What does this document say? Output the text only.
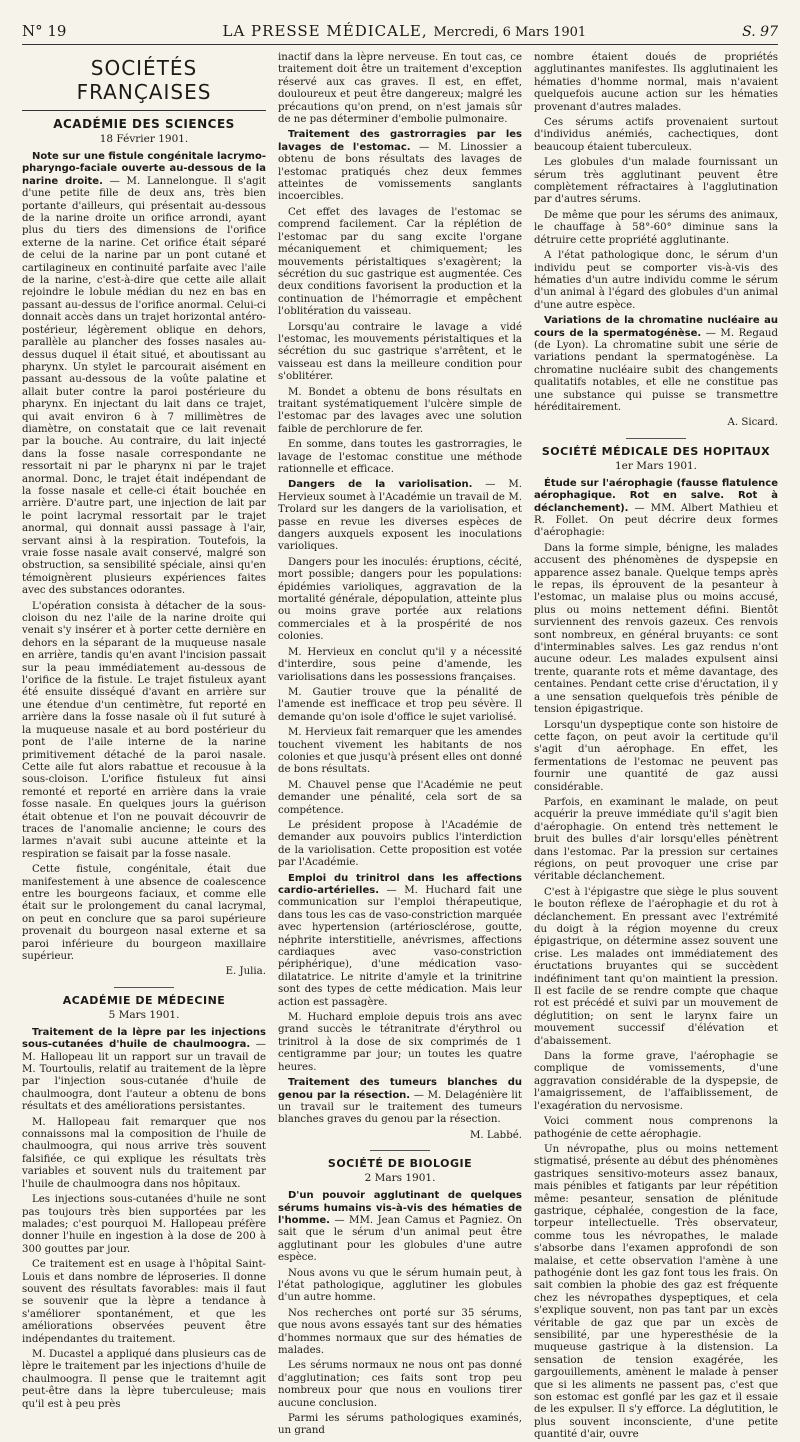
N° 19	LA PRESSE MÉDICALE, Mercredi, 6 Mars 1901	S. 97
SOCIÉTÉS FRANÇAISES
ACADÉMIE DES SCIENCES
18 Février 1901.

Note sur une fistule congénitale lacrymo-pharyngo-faciale ouverte au-dessous de la narine droite. — M. Lannelongue. Il s'agit d'une petite fille de deux ans, très bien portante d'ailleurs, qui présentait au-dessous de la narine droite un orifice arrondi, ayant plus du tiers des dimensions de l'orifice externe de la narine. Cet orifice était séparé de celui de la narine par un pont cutané et cartilagineux en continuité parfaite avec l'aile de la narine, c'est-à-dire que cette aile allait rejoindre le lobule médian du nez en bas en passant au-dessus de l'orifice anormal. Celui-ci donnait accès dans un trajet horizontal antéro-postérieur, légèrement oblique en dehors, parallèle au plancher des fosses nasales au-dessus duquel il était situé, et aboutissant au pharynx. Un stylet le parcourait aisément en passant au-dessous de la voûte palatine et allait buter contre la paroi postérieure du pharynx. En injectant du lait dans ce trajet, qui avait environ 6 à 7 millimètres de diamètre, on constatait que ce lait revenait par la bouche. Au contraire, du lait injecté dans la fosse nasale correspondante ne ressortait ni par le pharynx ni par le trajet anormal. Donc, le trajet était indépendant de la fosse nasale et celle-ci était bouchée en arrière. D'autre part, une injection de lait par le point lacrymal ressortait par le trajet anormal, qui donnait aussi passage à l'air, servant ainsi à la respiration. Toutefois, la vraie fosse nasale avait conservé, malgré son obstruction, sa sensibilité spéciale, ainsi qu'en témoignèrent plusieurs expériences faites avec des substances odorantes.

L'opération consista à détacher de la sous-cloison du nez l'aile de la narine droite qui venait s'y insérer et à porter cette dernière en dehors en la séparant de la muqueuse nasale en arrière, tandis qu'en avant l'incision passait sur la peau immédiatement au-dessous de l'orifice de la fistule. Le trajet fistuleux ayant été ensuite disséqué d'avant en arrière sur une étendue d'un centimètre, fut reporté en arrière dans la fosse nasale où il fut suturé à la muqueuse nasale et au bord postérieur du pont de l'aile interne de la narine primitivement détaché de la paroi nasale. Cette aile fut alors rabattue et recousue à la sous-cloison. L'orifice fistuleux fut ainsi remonté et reporté en arrière dans la vraie fosse nasale. En quelques jours la guérison était obtenue et l'on ne pouvait découvrir de traces de l'anomalie ancienne; le cours des larmes n'avait subi aucune atteinte et la respiration se faisait par la fosse nasale.

Cette fistule, congénitale, était due manifestement à une absence de coalescence entre les bourgeons faciaux, et comme elle était sur le prolongement du canal lacrymal, on peut en conclure que sa paroi supérieure provenait du bourgeon nasal externe et sa paroi inférieure du bourgeon maxillaire supérieur.

E. Julia.

ACADÉMIE DE MÉDECINE
5 Mars 1901.

Traitement de la lèpre par les injections sous-cutanées d'huile de chaulmoogra. — M. Hallopeau lit un rapport sur un travail de M. Tourtoulis, relatif au traitement de la lèpre par l'injection sous-cutanée d'huile de chaulmoogra, dont l'auteur a obtenu de bons résultats et des améliorations persistantes.

M. Hallopeau fait remarquer que nos connaissons mal la composition de l'huile de chaulmoogra, qui nous arrive très souvent falsifiée, ce qui explique les résultats très variables et souvent nuls du traitement par l'huile de chaulmoogra dans nos hôpitaux.

Les injections sous-cutanées d'huile ne sont pas toujours très bien supportées par les malades; c'est pourquoi M. Hallopeau préfère donner l'huile en ingestion à la dose de 200 à 300 gouttes par jour.

Ce traitement est en usage à l'hôpital Saint-Louis et dans nombre de léproseries. Il donne souvent des résultats favorables: mais il faut se souvenir que la lèpre a tendance à s'améliorer spontanément, et que les améliorations observées peuvent être indépendantes du traitement.

M. Ducastel a appliqué dans plusieurs cas de lèpre le traitement par les injections d'huile de chaulmoogra. Il pense que le traitemnt agit peut-être dans la lèpre tuberculeuse; mais qu'il est à peu près

inactif dans la lèpre nerveuse. En tout cas, ce traitement doit être un traitement d'exception réservé aux cas graves. Il est, en effet, douloureux et peut être dangereux; malgré les précautions qu'on prend, on n'est jamais sûr de ne pas déterminer d'embolie pulmonaire.

Traitement des gastrorragies par les lavages de l'estomac. — M. Linossier a obtenu de bons résultats des lavages de l'estomac pratiqués chez deux femmes atteintes de vomissements sanglants incoercibles.

Cet effet des lavages de l'estomac se comprend facilement. Car la réplétion de l'estomac par du sang excite l'organe mécaniquement et chimiquement; les mouvements péristaltiques s'exagèrent; la sécrétion du suc gastrique est augmentée. Ces deux conditions favorisent la production et la continuation de l'hémorragie et empêchent l'oblitération du vaisseau.

Lorsqu'au contraire le lavage a vidé l'estomac, les mouvements péristaltiques et la sécrétion du suc gastrique s'arrêtent, et le vaisseau est dans la meilleure condition pour s'oblitérer.

M. Bondet a obtenu de bons résultats en traitant systématiquement l'ulcère simple de l'estomac par des lavages avec une solution faible de perchlorure de fer.

En somme, dans toutes les gastrorragies, le lavage de l'estomac constitue une méthode rationnelle et efficace.

Dangers de la variolisation. — M. Hervieux soumet à l'Académie un travail de M. Trolard sur les dangers de la variolisation, et passe en revue les diverses espèces de dangers auxquels exposent les inoculations varioliques.

Dangers pour les inoculés: éruptions, cécité, mort possible; dangers pour les populations: épidémies varioliques, aggravation de la mortalité générale, dépopulation, atteinte plus ou moins grave portée aux relations commerciales et à la prospérité de nos colonies.

M. Hervieux en conclut qu'il y a nécessité d'interdire, sous peine d'amende, les variolisations dans les possessions françaises.

M. Gautier trouve que la pénalité de l'amende est inefficace et trop peu sévère. Il demande qu'on isole d'office le sujet variolisé.

M. Hervieux fait remarquer que les amendes touchent vivement les habitants de nos colonies et que jusqu'à présent elles ont donné de bons résultats.

M. Chauvel pense que l'Académie ne peut demander une pénalité, cela sort de sa compétence.

Le président propose à l'Académie de demander aux pouvoirs publics l'interdiction de la variolisation. Cette proposition est votée par l'Académie.

Emploi du trinitrol dans les affections cardio-artérielles. — M. Huchard fait une communication sur l'emploi thérapeutique, dans tous les cas de vaso-constriction marquée avec hypertension (artériosclérose, goutte, néphrite interstitielle, anévrismes, affections cardiaques avec vaso-constriction périphérique), d'une médication vaso-dilatatrice. Le nitrite d'amyle et la trinitrine sont des types de cette médication. Mais leur action est passagère.

M. Huchard emploie depuis trois ans avec grand succès le tétranitrate d'érythrol ou trinitrol à la dose de six comprimés de 1 centigramme par jour; un toutes les quatre heures.

Traitement des tumeurs blanches du genou par la résection. — M. Delagénière lit un travail sur le traitement des tumeurs blanches graves du genou par la résection.

M. Labbé.

SOCIÉTÉ DE BIOLOGIE
2 Mars 1901.

D'un pouvoir agglutinant de quelques sérums humains vis-à-vis des hématies de l'homme. — MM. Jean Camus et Pagniez. On sait que le sérum d'un animal peut être agglutinant pour les globules d'une autre espèce.

Nous avons vu que le sérum humain peut, à l'état pathologique, agglutiner les globules d'un autre homme.

Nos recherches ont porté sur 35 sérums, que nous avons essayés tant sur des hématies d'hommes normaux que sur des hématies de malades.

Les sérums normaux ne nous ont pas donné d'agglutination; ces faits sont trop peu nombreux pour que nous en voulions tirer aucune conclusion.

Parmi les sérums pathologiques examinés, un grand

nombre étaient doués de propriétés agglutinantes manifestes. Ils agglutinaient les hématies d'homme normal, mais n'avaient quelquefois aucune action sur les hématies provenant d'autres malades.

Ces sérums actifs provenaient surtout d'individus anémiés, cachectiques, dont beaucoup étaient tuberculeux.

Les globules d'un malade fournissant un sérum très agglutinant peuvent être complètement réfractaires à l'agglutination par d'autres sérums.

De même que pour les sérums des animaux, le chauffage à 58°-60° diminue sans la détruire cette propriété agglutinante.

A l'état pathologique donc, le sérum d'un individu peut se comporter vis-à-vis des hématies d'un autre individu comme le sérum d'un animal à l'égard des globules d'un animal d'une autre espèce.

Variations de la chromatine nucléaire au cours de la spermatogénèse. — M. Regaud (de Lyon). La chromatine subit une série de variations pendant la spermatogénèse. La chromatine nucléaire subit des changements qualitatifs notables, et elle ne constitue pas une substance qui puisse se transmettre héréditairement.

A. Sicard.

SOCIÉTÉ MÉDICALE DES HOPITAUX
1er Mars 1901.

Étude sur l'aérophagie (fausse flatulence aérophagique. Rot en salve. Rot à déclanchement). — MM. Albert Mathieu et R. Follet. On peut décrire deux formes d'aérophagie:

Dans la forme simple, bénigne, les malades accusent des phénomènes de dyspepsie en apparence assez banale. Quelque temps après le repas, ils éprouvent de la pesanteur à l'estomac, un malaise plus ou moins accusé, plus ou moins nettement défini. Bientôt surviennent des renvois gazeux. Ces renvois sont nombreux, en général bruyants: ce sont d'interminables salves. Les gaz rendus n'ont aucune odeur. Les malades expulsent ainsi trente, quarante rots et même davantage, des centaines. Pendant cette crise d'éructation, il y a une sensation quelquefois très pénible de tension épigastrique.

Lorsqu'un dyspeptique conte son histoire de cette façon, on peut avoir la certitude qu'il s'agit d'un aérophage. En effet, les fermentations de l'estomac ne peuvent pas fournir une quantité de gaz aussi considérable.

Parfois, en examinant le malade, on peut acquérir la preuve immédiate qu'il s'agit bien d'aérophagie. On entend très nettement le bruit des bulles d'air lorsqu'elles pénètrent dans l'estomac. Par la pression sur certaines régions, on peut provoquer une crise par véritable déclanchement.

C'est à l'épigastre que siège le plus souvent le bouton réflexe de l'aérophagie et du rot à déclanchement. En pressant avec l'extrémité du doigt à la région moyenne du creux épigastrique, on détermine assez souvent une crise. Les malades ont immédiatement des éructations bruyantes qui se succèdent indéfiniment tant qu'on maintient la pression. Il est facile de se rendre compte que chaque rot est précédé et suivi par un mouvement de déglutition; on sent le larynx faire un mouvement successif d'élévation et d'abaissement.

Dans la forme grave, l'aérophagie se complique de vomissements, d'une aggravation considérable de la dyspepsie, de l'amaigrissement, de l'affaiblissement, de l'exagération du nervosisme.

Voici comment nous comprenons la pathogénie de cette aérophagie.

Un névropathe, plus ou moins nettement stigmatisé, présente au début des phénomènes gastriques sensitivo-moteurs assez banaux, mais pénibles et fatigants par leur répétition même: pesanteur, sensation de plénitude gastrique, céphalée, congestion de la face, torpeur intellectuelle. Très observateur, comme tous les névropathes, le malade s'absorbe dans l'examen approfondi de son malaise, et cette observation l'amène à une pathogénie dont les gaz font tous les frais. On sait combien la phobie des gaz est fréquente chez les névropathes dyspeptiques, et cela s'explique souvent, non pas tant par un excès véritable de gaz que par un excès de sensibilité, par une hyperesthésie de la muqueuse gastrique à la distension. La sensation de tension exagérée, les gargouillements, amènent le malade à penser que si les aliments ne passent pas, c'est que son estomac est gonflé par les gaz et il essaie de les expulser. Il s'y efforce. La déglutition, le plus souvent inconsciente, d'une petite quantité d'air, ouvre
